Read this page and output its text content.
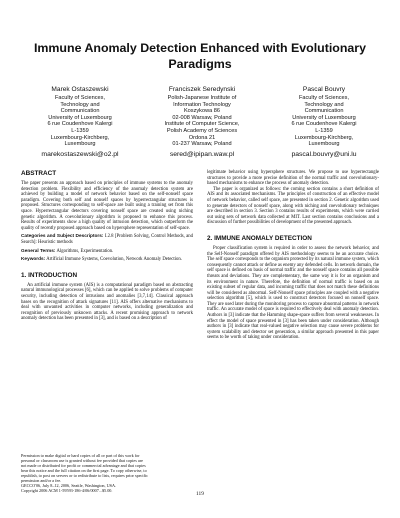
Immune Anomaly Detection Enhanced with Evolutionary Paradigms
Marek Ostaszewski
Faculty of Sciences,
Technology and
Communication
University of Luxembourg
6 rue Coudenhove Kalergi
L-1359
Luxembourg-Kirchberg,
Luxembourg
marekostaszewski@o2.pl
Franciszek Seredynski
Polish-Japanese Institute of
Information Technology
Koszykowa 86
02-008 Warsaw, Poland
Institute of Computer Science,
Polish Academy of Sciences
Ordona 21
01-237 Warsaw, Poland
sered@ipipan.waw.pl
Pascal Bouvry
Faculty of Sciences,
Technology and
Communication
University of Luxembourg
6 rue Coudenhove Kalergi
L-1359
Luxembourg-Kirchberg,
Luxembourg
pascal.bouvry@uni.lu
ABSTRACT

The paper presents an approach based on principles of immune systems to the anomaly detection problem. Flexibility and efficiency of the anomaly detection system are achieved by building a model of network behavior based on the self-nonself space paradigm. Covering both self and nonself spaces by hyperrectangular structures is proposed. Structures corresponding to self-space are built using a training set from this space. Hyperrectangular detectors covering nonself space are created using niching genetic algorithm. A coevolutionary algorithm is proposed to enhance this process. Results of experiments show a high quality of intrusion detection, which outperform the quality of recently proposed approach based on hypersphere representation of self-space.

Categories and Subject Descriptors: I.2.8 [Problem Solving, Control Methods, and Search]: Heuristic methods

General Terms: Algorithms, Experimentation.

Keywords: Artificial Immune Systems, Coevolution, Network Anomaly Detection.

1. INTRODUCTION

An artificial immune system (AIS) is a computational paradigm based on abstracting natural immunological processes [6], which can be applied to solve problems of computer security, including detection of intrusions and anomalies [3,7,14]. Classical approach bases on the recognition of attack signatures [11]. AIS offers alternative mechanisms to deal with unwanted activities in computer networks, including generalization and recognition of previously unknown attacks. A recent promising approach to network anomaly detection has been presented in [3], and is based on a description of

Permission to make digital or hard copies of all or part of this work for
personal or classroom use is granted without fee provided that copies are
not made or distributed for profit or commercial advantage and that copies
bear this notice and the full citation on the first page. To copy otherwise, to
republish, to post on servers or to redistribute to lists, requires prior specific
permission and/or a fee.
GECCO'06, July 8–12, 2006, Seattle, Washington, USA.
Copyright 2006 ACM 1-59593-186-4/06/0007...$5.00.

legitimate behavior using hypersphere structures. We propose to use hyperrectangle structures to provide a more precise definition of the normal traffic and coevolutionary-based mechanisms to enhance the process of anomaly detection.
The paper is organized as follows: the coming section contains a short definition of AIS and its associated mechanisms. The principles of construction of an effective model of network behavior, called self space, are presented in section 2. Genetic algorithm used to generate detectors of nonself space, along with niching and coevolutionary techniques are described in section 3. Section 3 contains results of experiments, which were carried out using sets of network data collected at MIT. Last section contains conclusions and a discussion of further possibilities of development of the presented approach.

2. IMMUNE ANOMALY DETECTION

Proper classification system is required in order to assess the network behavior, and the Self-Nonself paradigm offered by AIS methodology seems to be an accurate choice. The self space corresponds to the organism protected by its natural immune system, which consequently cannot attack or define as enemy any defended cells. In network domain, the self space is defined on basis of normal traffic and the nonself space contains all possible threats and deviations. They are complementary, the same way it is for an organism and its environment in nature. Therefore, the definition of normal traffic is based on an existing subset of regular data, and incoming traffic that does not match these definitions will be considered as abnormal. Self-Nonself space principles are coupled with a negative selection algorithm [5], which is used to construct detectors focused on nonself space. They are used later during the monitoring process to capture abnormal patterns in network traffic. An accurate model of space is required to effectively deal with anomaly detection. Authors in [3] indicate that the Hamming shape-space suffers from several weaknesses. In effect the model of space presented in [3] has been taken under consideration. Although authors in [3] indicate that real-valued negative selection may cause severe problems for system scalability and detector set generation, a similar approach presented in this paper seems to be worth of taking under consideration.

119
